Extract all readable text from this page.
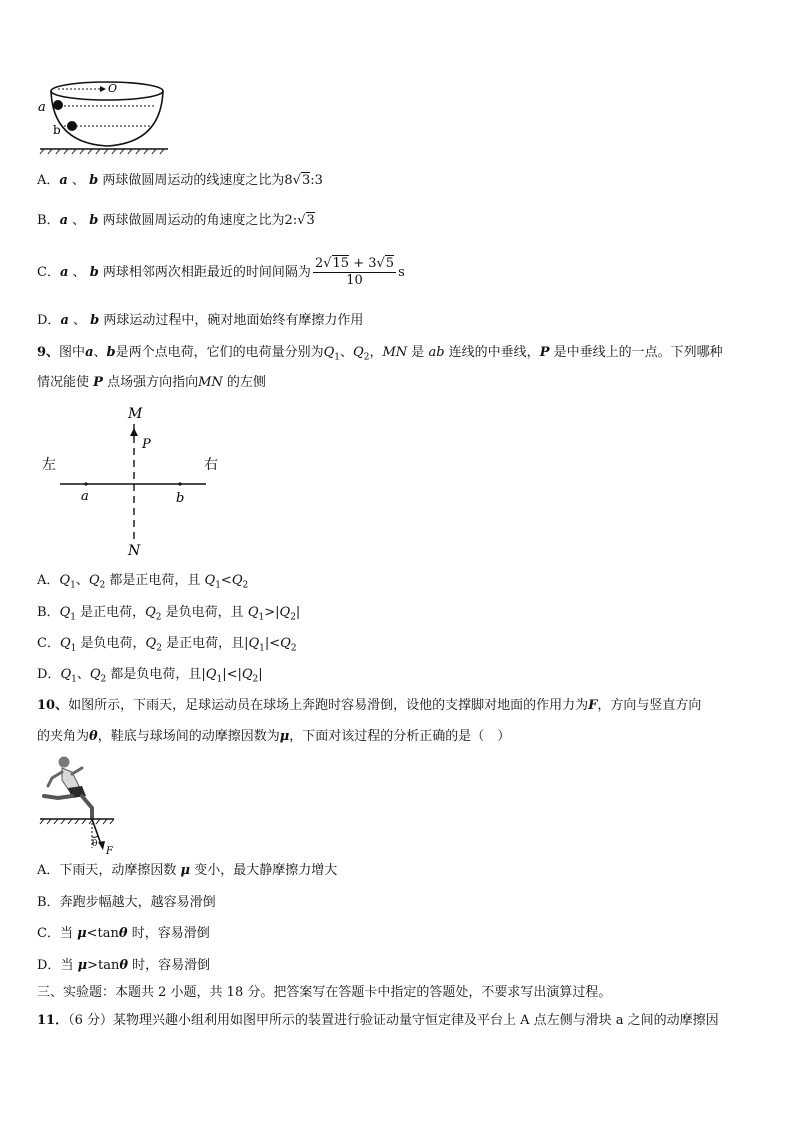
O
a
b
A．a 、 b 两球做圆周运动的线速度之比为8√3:3
B．a 、 b 两球做圆周运动的角速度之比为2:√3
C．a 、 b 两球相邻两次相距最近的时间间隔为 $\frac{2√15 + 3√5}{10}$ s
D．a 、 b 两球运动过程中，碗对地面始终有摩擦力作用
9、图中a、b是两个点电荷，它们的电荷量分别为$Q_1$、$Q_2$，MN 是 ab 连线的中垂线，P 是中垂线上的一点。下列哪种
情况能使 P 点场强方向指向MN 的左侧
M
P
左	右
a	b
N
A．$Q_1$、$Q_2$ 都是正电荷，且 $Q_1<Q_2$
B．$Q_1$ 是正电荷，$Q_2$ 是负电荷，且 $Q_1>|Q_2|$
C．$Q_1$ 是负电荷，$Q_2$ 是正电荷，且$|Q_1|<Q_2$
D．$Q_1$、$Q_2$ 都是负电荷，且$|Q_1|<|Q_2|$
10、如图所示，下雨天，足球运动员在球场上奔跑时容易滑倒，设他的支撑脚对地面的作用力为F，方向与竖直方向
的夹角为θ，鞋底与球场间的动摩擦因数为μ，下面对该过程的分析正确的是（　）
θ
F
A．下雨天，动摩擦因数 μ 变小，最大静摩擦力增大
B．奔跑步幅越大，越容易滑倒
C．当 μ<tanθ 时，容易滑倒
D．当 μ>tanθ 时，容易滑倒
三、实验题：本题共 2 小题，共 18 分。把答案写在答题卡中指定的答题处，不要求写出演算过程。
11．（6 分）某物理兴趣小组利用如图甲所示的装置进行验证动量守恒定律及平台上 A 点左侧与滑块 a 之间的动摩擦因
